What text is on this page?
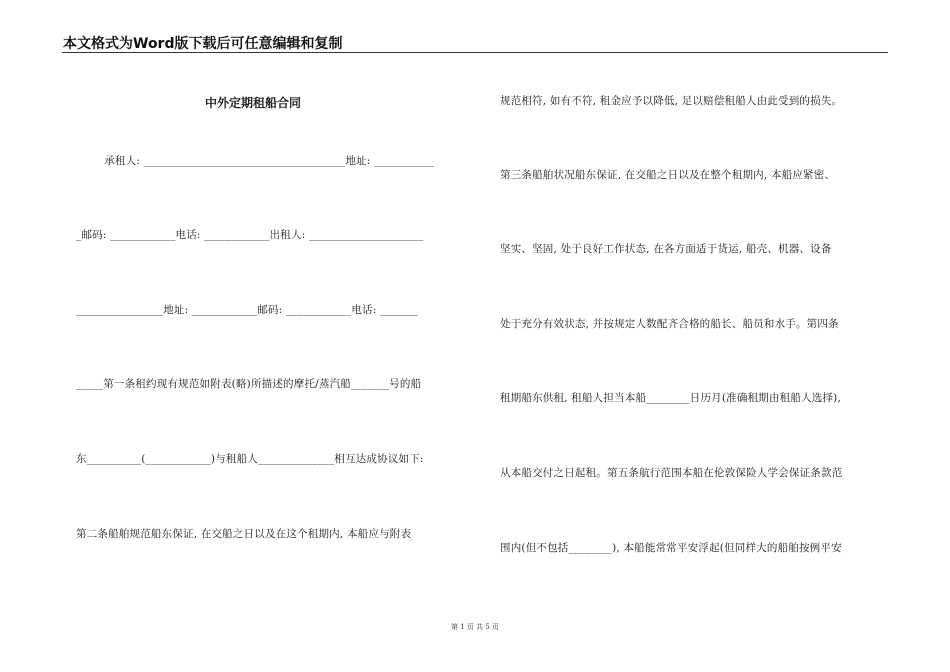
本文格式为Word版下载后可任意编辑和复制
中外定期租船合同
承租人: _____________________________________地址: ___________
_邮码: ____________电话: ____________出租人: _____________________
________________地址: ____________邮码: ____________电话: _______
_____第一条租约现有规范如附表(略)所描述的摩托/蒸汽船_______号的船
东__________(____________)与租船人______________相互达成协议如下:
第二条船舶规范船东保证, 在交船之日以及在这个租期内, 本船应与附表
规范相符, 如有不符, 租金应予以降低, 足以赔偿租船人由此受到的损失。
第三条船舶状况船东保证, 在交船之日以及在整个租期内, 本船应紧密、
坚实、坚固, 处于良好工作状态, 在各方面适于货运, 船壳、机器、设备
处于充分有效状态, 并按规定人数配齐合格的船长、船员和水手。第四条
租期船东供租, 租船人担当本船________日历月(准确租期由租船人选择),
从本船交付之日起租。第五条航行范围本船在伦敦保险人学会保证条款范
围内(但不包括________), 本船能常常平安浮起(但同样大的船舶按例平安
第 1 页 共 5 页
